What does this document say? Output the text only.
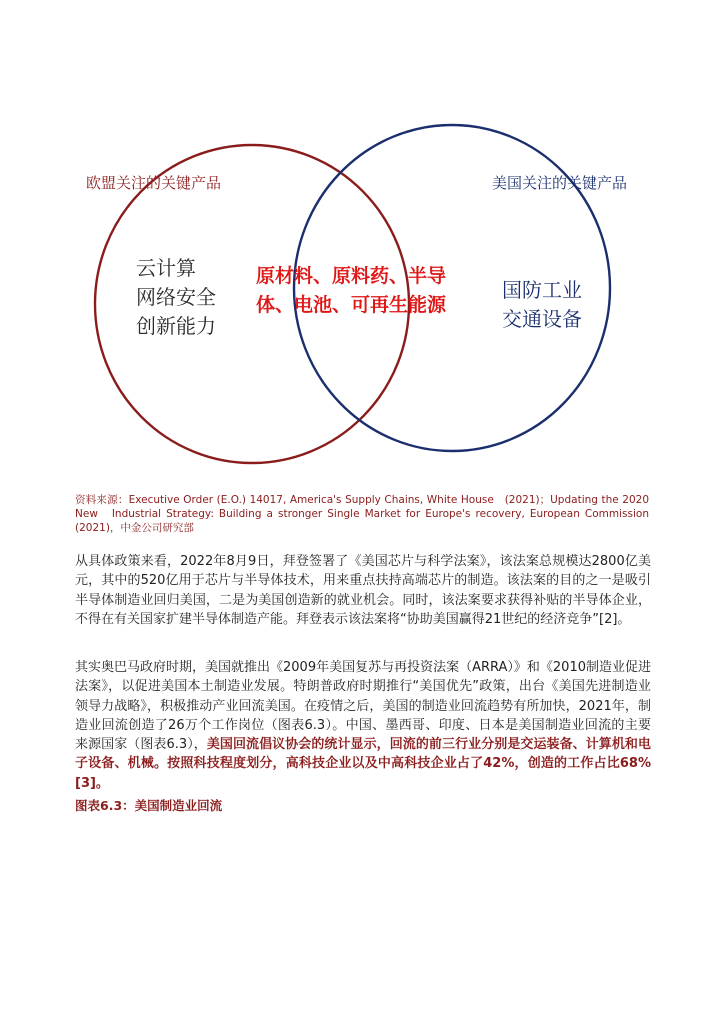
欧盟关注的关键产品	美国关注的关键产品
云计算
网络安全
创新能力
原材料、原料药、半导
体、电池、可再生能源
国防工业
交通设备
资料来源：Executive Order (E.O.) 14017, America's Supply Chains, White House　(2021)；Updating the 2020 New　Industrial Strategy: Building a stronger Single Market for Europe's recovery, European Commission (2021)，中金公司研究部
从具体政策来看，2022年8月9日，拜登签署了《美国芯片与科学法案》，该法案总规模达2800亿美元，其中的520亿用于芯片与半导体技术，用来重点扶持高端芯片的制造。该法案的目的之一是吸引半导体制造业回归美国，二是为美国创造新的就业机会。同时，该法案要求获得补贴的半导体企业，不得在有关国家扩建半导体制造产能。拜登表示该法案将“协助美国赢得21世纪的经济竞争”[2]。
其实奥巴马政府时期，美国就推出《2009年美国复苏与再投资法案（ARRA）》和《2010制造业促进法案》，以促进美国本土制造业发展。特朗普政府时期推行“美国优先”政策，出台《美国先进制造业领导力战略》，积极推动产业回流美国。在疫情之后，美国的制造业回流趋势有所加快，2021年，制造业回流创造了26万个工作岗位（图表6.3）。中国、墨西哥、印度、日本是美国制造业回流的主要来源国家（图表6.3），美国回流倡议协会的统计显示，回流的前三行业分别是交运装备、计算机和电子设备、机械。按照科技程度划分，高科技企业以及中高科技企业占了42%，创造的工作占比68%[3]。
图表6.3：美国制造业回流
